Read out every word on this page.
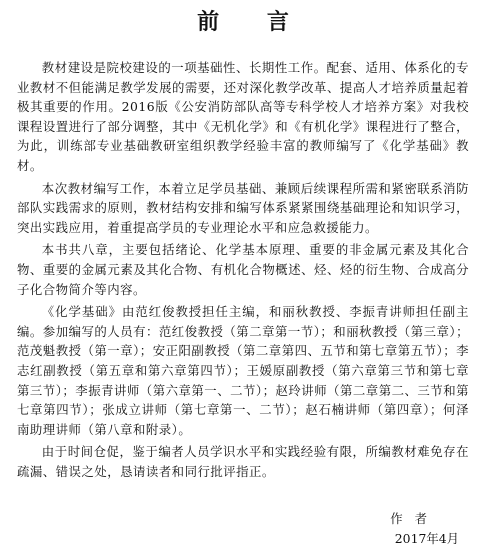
前 言

教材建设是院校建设的一项基础性、长期性工作。配套、适用、体系化的专业教材不但能满足教学发展的需要，还对深化教学改革、提高人才培养质量起着极其重要的作用。2016版《公安消防部队高等专科学校人才培养方案》对我校课程设置进行了部分调整，其中《无机化学》和《有机化学》课程进行了整合，为此，训练部专业基础教研室组织教学经验丰富的教师编写了《化学基础》教材。

本次教材编写工作，本着立足学员基础、兼顾后续课程所需和紧密联系消防部队实践需求的原则，教材结构安排和编写体系紧紧围绕基础理论和知识学习，突出实践应用，着重提高学员的专业理论水平和应急救援能力。

本书共八章，主要包括绪论、化学基本原理、重要的非金属元素及其化合物、重要的金属元素及其化合物、有机化合物概述、烃、烃的衍生物、合成高分子化合物简介等内容。

《化学基础》由范红俊教授担任主编，和丽秋教授、李振青讲师担任副主编。参加编写的人员有：范红俊教授（第二章第一节）；和丽秋教授（第三章）；范茂魁教授（第一章）；安正阳副教授（第二章第四、五节和第七章第五节）；李志红副教授（第五章和第六章第四节）；王媛原副教授（第六章第三节和第七章第三节）；李振青讲师（第六章第一、二节）；赵玲讲师（第二章第二、三节和第七章第四节）；张成立讲师（第七章第一、二节）；赵石楠讲师（第四章）；何泽南助理讲师（第八章和附录）。

由于时间仓促，鉴于编者人员学识水平和实践经验有限，所编教材难免存在疏漏、错误之处，恳请读者和同行批评指正。

作者

2017年4月
